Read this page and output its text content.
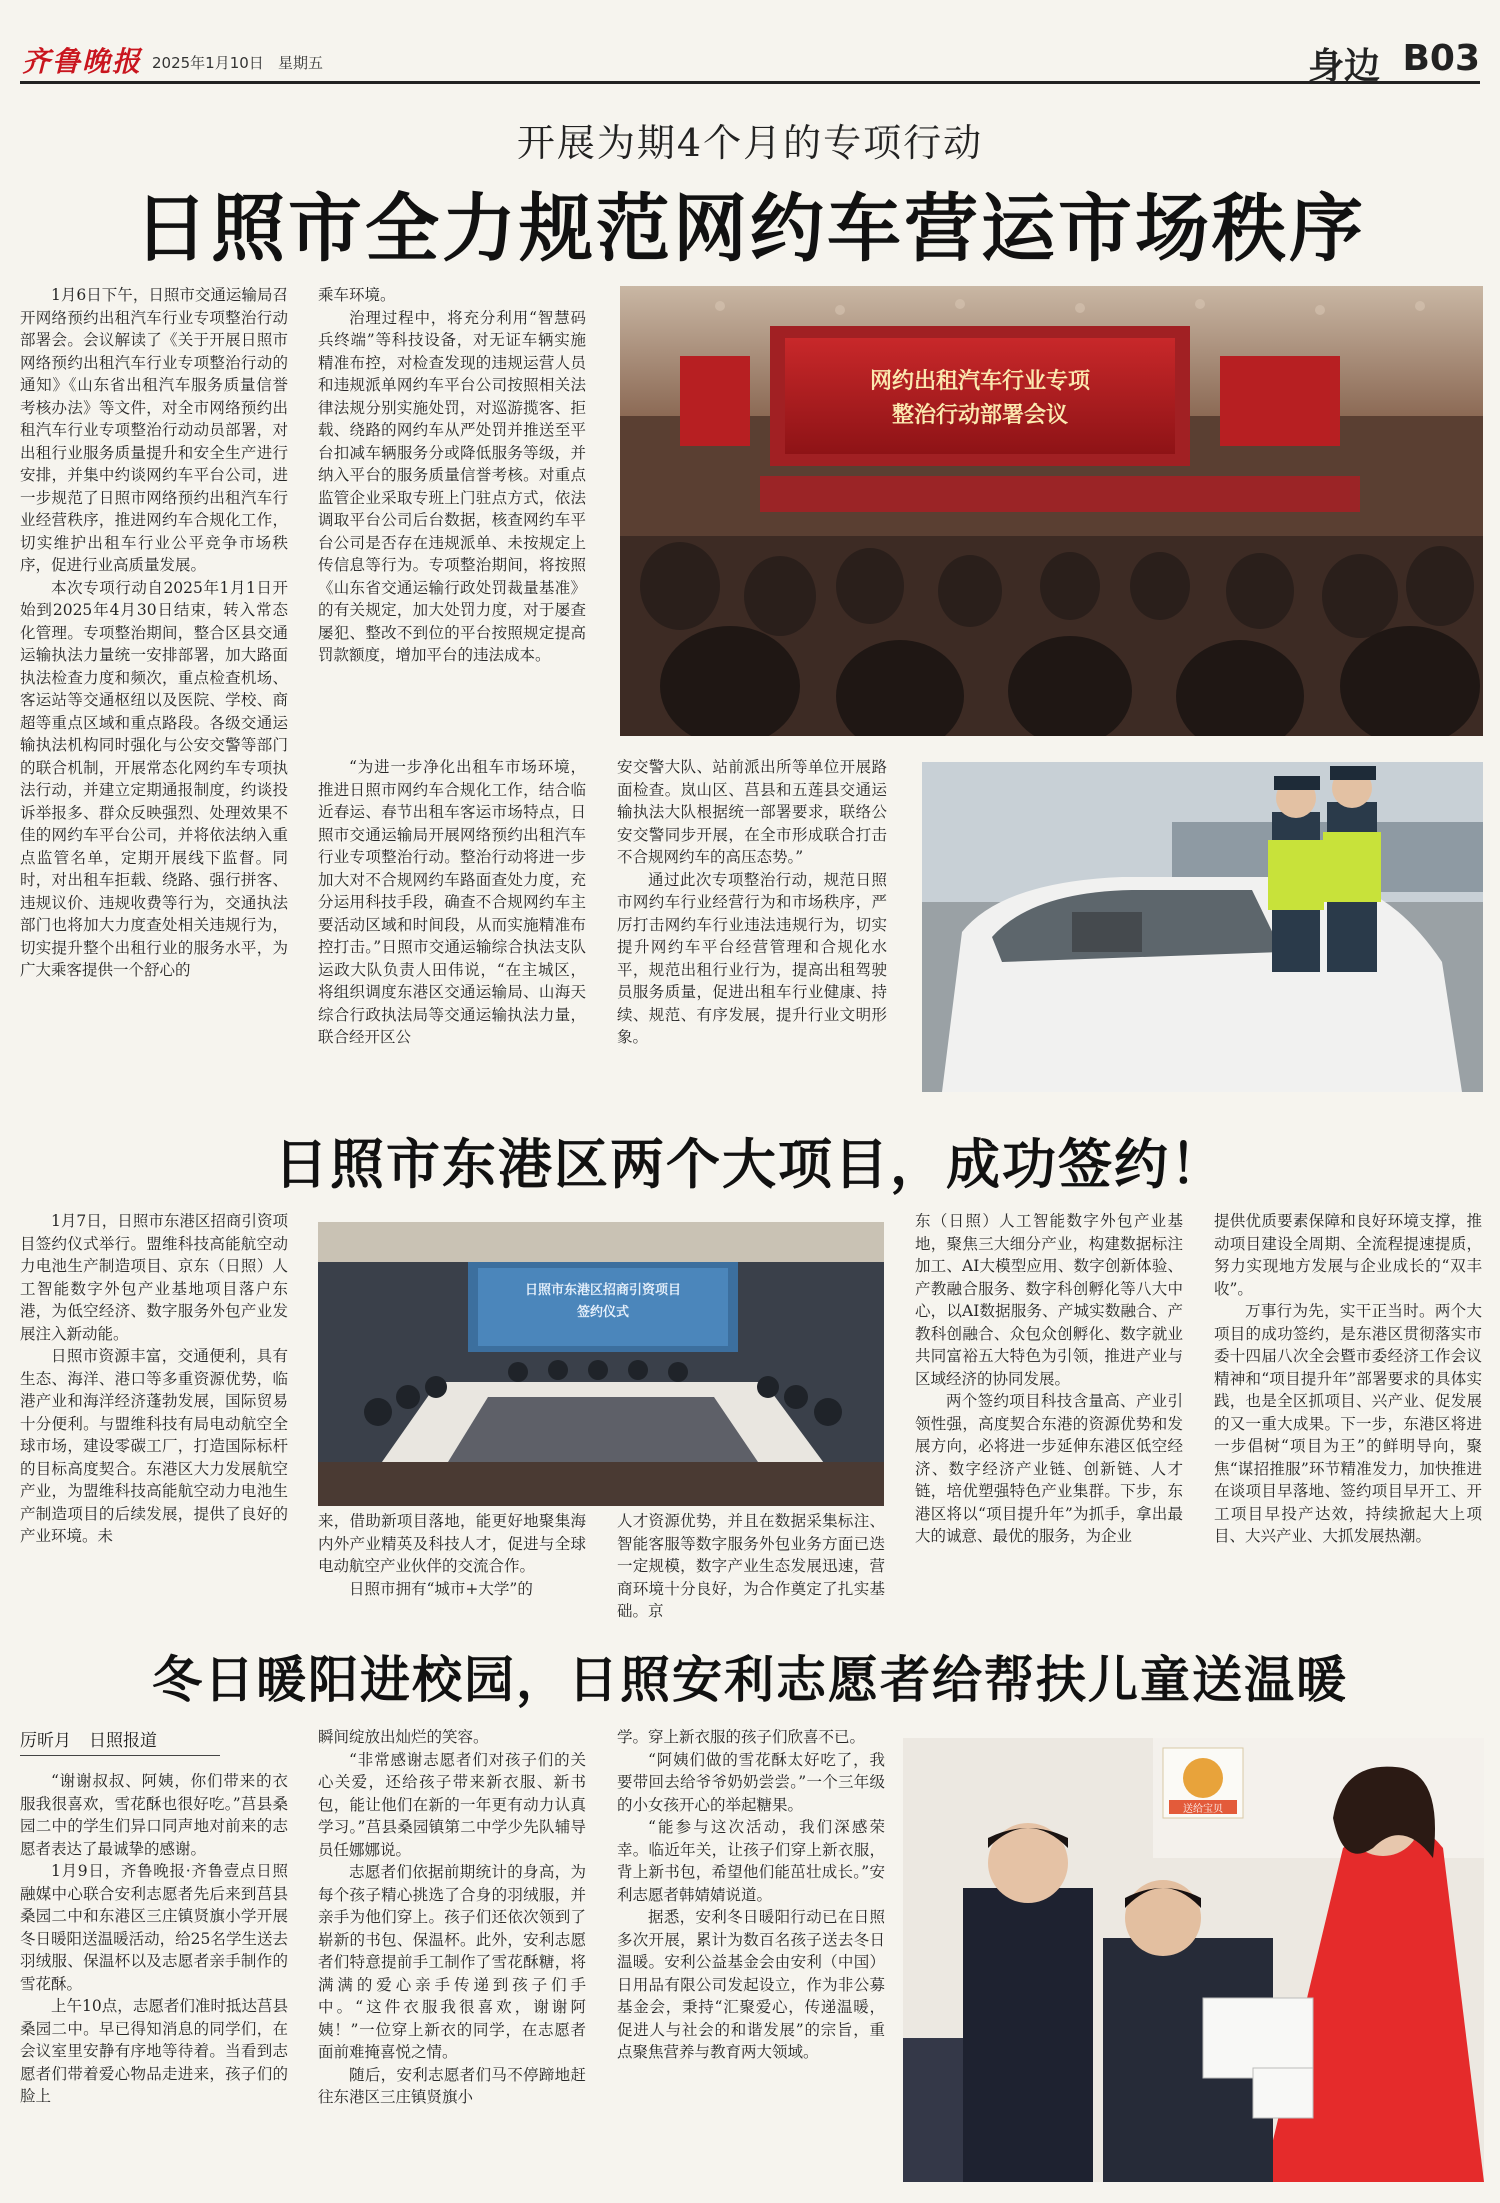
齐鲁晚报 2025年1月10日 星期五	身边 B03
开展为期4个月的专项行动
日照市全力规范网约车营运市场秩序

1月6日下午，日照市交通运输局召开网络预约出租汽车行业专项整治行动部署会。会议解读了《关于开展日照市网络预约出租汽车行业专项整治行动的通知》《山东省出租汽车服务质量信誉考核办法》等文件，对全市网络预约出租汽车行业专项整治行动动员部署，对出租行业服务质量提升和安全生产进行安排，并集中约谈网约车平台公司，进一步规范了日照市网络预约出租汽车行业经营秩序，推进网约车合规化工作，切实维护出租车行业公平竞争市场秩序，促进行业高质量发展。

本次专项行动自2025年1月1日开始到2025年4月30日结束，转入常态化管理。专项整治期间，整合区县交通运输执法力量统一安排部署，加大路面执法检查力度和频次，重点检查机场、客运站等交通枢纽以及医院、学校、商超等重点区域和重点路段。各级交通运输执法机构同时强化与公安交警等部门的联合机制，开展常态化网约车专项执法行动，并建立定期通报制度，约谈投诉举报多、群众反映强烈、处理效果不佳的网约车平台公司，并将依法纳入重点监管名单，定期开展线下监督。同时，对出租车拒载、绕路、强行拼客、违规议价、违规收费等行为，交通执法部门也将加大力度查处相关违规行为，切实提升整个出租行业的服务水平，为广大乘客提供一个舒心的

乘车环境。

治理过程中，将充分利用“智慧码兵终端”等科技设备，对无证车辆实施精准布控，对检查发现的违规运营人员和违规派单网约车平台公司按照相关法律法规分别实施处罚，对巡游揽客、拒载、绕路的网约车从严处罚并推送至平台扣减车辆服务分或降低服务等级，并纳入平台的服务质量信誉考核。对重点监管企业采取专班上门驻点方式，依法调取平台公司后台数据，核查网约车平台公司是否存在违规派单、未按规定上传信息等行为。专项整治期间，将按照《山东省交通运输行政处罚裁量基准》的有关规定，加大处罚力度，对于屡查屡犯、整改不到位的平台按照规定提高罚款额度，增加平台的违法成本。

“为进一步净化出租车市场环境，推进日照市网约车合规化工作，结合临近春运、春节出租车客运市场特点，日照市交通运输局开展网络预约出租汽车行业专项整治行动。整治行动将进一步加大对不合规网约车路面查处力度，充分运用科技手段，确查不合规网约车主要活动区域和时间段，从而实施精准布控打击。”日照市交通运输综合执法支队运政大队负责人田伟说，“在主城区，将组织调度东港区交通运输局、山海天综合行政执法局等交通运输执法力量，联合经开区公

安交警大队、站前派出所等单位开展路面检查。岚山区、莒县和五莲县交通运输执法大队根据统一部署要求，联络公安交警同步开展，在全市形成联合打击不合规网约车的高压态势。”

通过此次专项整治行动，规范日照市网约车行业经营行为和市场秩序，严厉打击网约车行业违法违规行为，切实提升网约车平台经营管理和合规化水平，规范出租行业行为，提高出租驾驶员服务质量，促进出租车行业健康、持续、规范、有序发展，提升行业文明形象。

网约出租汽车行业专项
整治行动部署会议
日照市东港区两个大项目，成功签约！

1月7日，日照市东港区招商引资项目签约仪式举行。盟维科技高能航空动力电池生产制造项目、京东（日照）人工智能数字外包产业基地项目落户东港，为低空经济、数字服务外包产业发展注入新动能。

日照市资源丰富，交通便利，具有生态、海洋、港口等多重资源优势，临港产业和海洋经济蓬勃发展，国际贸易十分便利。与盟维科技有局电动航空全球市场，建设零碳工厂，打造国际标杆的目标高度契合。东港区大力发展航空产业，为盟维科技高能航空动力电池生产制造项目的后续发展，提供了良好的产业环境。未

日照市东港区招商引资项目
签约仪式

来，借助新项目落地，能更好地聚集海内外产业精英及科技人才，促进与全球电动航空产业伙伴的交流合作。

日照市拥有“城市+大学”的

人才资源优势，并且在数据采集标注、智能客服等数字服务外包业务方面已迭一定规模，数字产业生态发展迅速，营商环境十分良好，为合作奠定了扎实基础。京

东（日照）人工智能数字外包产业基地，聚焦三大细分产业，构建数据标注加工、AI大模型应用、数字创新体验、产教融合服务、数字科创孵化等八大中心，以AI数据服务、产城实数融合、产教科创融合、众包众创孵化、数字就业共同富裕五大特色为引领，推进产业与区域经济的协同发展。

两个签约项目科技含量高、产业引领性强，高度契合东港的资源优势和发展方向，必将进一步延伸东港区低空经济、数字经济产业链、创新链、人才链，培优塑强特色产业集群。下步，东港区将以“项目提升年”为抓手，拿出最大的诚意、最优的服务，为企业

提供优质要素保障和良好环境支撑，推动项目建设全周期、全流程提速提质，努力实现地方发展与企业成长的“双丰收”。

万事行为先，实干正当时。两个大项目的成功签约，是东港区贯彻落实市委十四届八次全会暨市委经济工作会议精神和“项目提升年”部署要求的具体实践，也是全区抓项目、兴产业、促发展的又一重大成果。下一步，东港区将进一步倡树“项目为王”的鲜明导向，聚焦“谋招推服”环节精准发力，加快推进在谈项目早落地、签约项目早开工、开工项目早投产达效，持续掀起大上项目、大兴产业、大抓发展热潮。

冬日暖阳进校园，日照安利志愿者给帮扶儿童送温暖
厉昕月 日照报道

“谢谢叔叔、阿姨，你们带来的衣服我很喜欢，雪花酥也很好吃。”莒县桑园二中的学生们异口同声地对前来的志愿者表达了最诚挚的感谢。

1月9日，齐鲁晚报·齐鲁壹点日照融媒中心联合安利志愿者先后来到莒县桑园二中和东港区三庄镇贤旗小学开展冬日暖阳送温暖活动，给25名学生送去羽绒服、保温杯以及志愿者亲手制作的雪花酥。

上午10点，志愿者们准时抵达莒县桑园二中。早已得知消息的同学们，在会议室里安静有序地等待着。当看到志愿者们带着爱心物品走进来，孩子们的脸上

瞬间绽放出灿烂的笑容。

“非常感谢志愿者们对孩子们的关心关爱，还给孩子带来新衣服、新书包，能让他们在新的一年更有动力认真学习。”莒县桑园镇第二中学少先队辅导员任娜娜说。

志愿者们依据前期统计的身高，为每个孩子精心挑选了合身的羽绒服，并亲手为他们穿上。孩子们还依次领到了崭新的书包、保温杯。此外，安利志愿者们特意提前手工制作了雪花酥糖，将满满的爱心亲手传递到孩子们手中。“这件衣服我很喜欢，谢谢阿姨！”一位穿上新衣的同学，在志愿者面前难掩喜悦之情。

随后，安利志愿者们马不停蹄地赶往东港区三庄镇贤旗小

学。穿上新衣服的孩子们欣喜不已。

“阿姨们做的雪花酥太好吃了，我要带回去给爷爷奶奶尝尝。”一个三年级的小女孩开心的举起糖果。

“能参与这次活动，我们深感荣幸。临近年关，让孩子们穿上新衣服，背上新书包，希望他们能茁壮成长。”安利志愿者韩婧婧说道。

据悉，安利冬日暖阳行动已在日照多次开展，累计为数百名孩子送去冬日温暖。安利公益基金会由安利（中国）日用品有限公司发起设立，作为非公募基金会，秉持“汇聚爱心，传递温暖，促进人与社会的和谐发展”的宗旨，重点聚焦营养与教育两大领域。

送给宝贝
